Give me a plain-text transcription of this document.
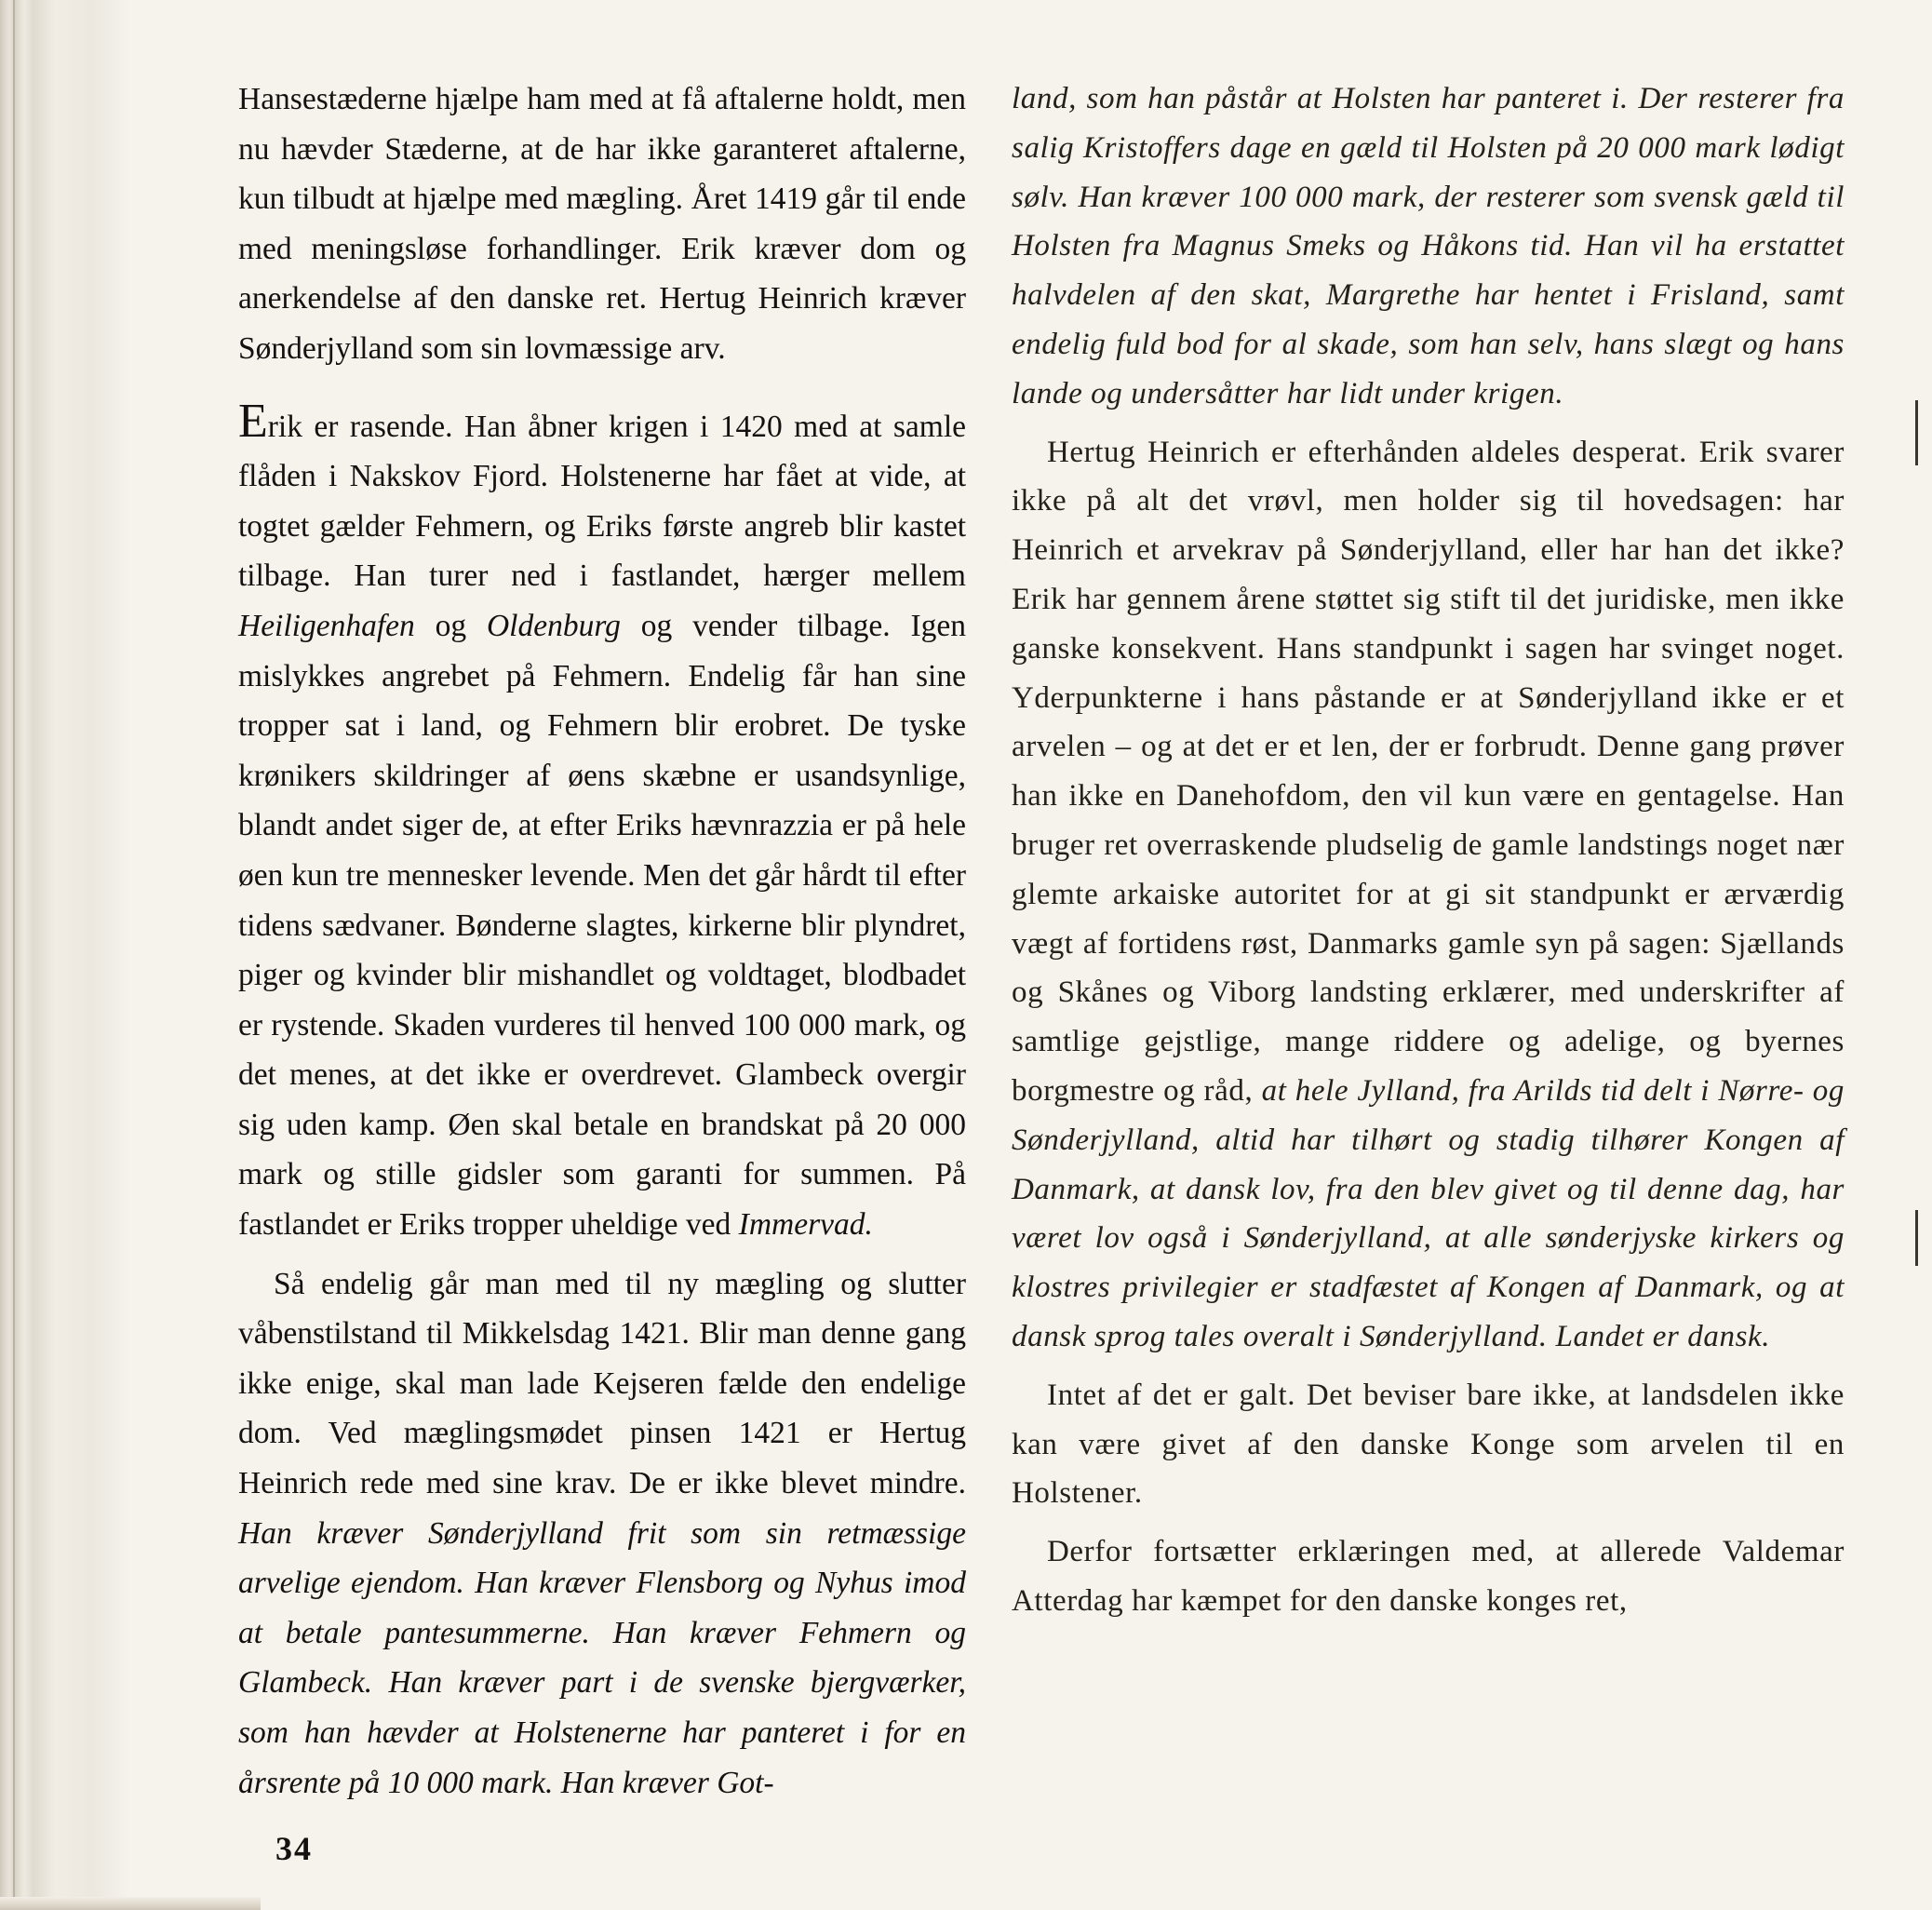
Hansestæderne hjælpe ham med at få aftalerne holdt, men nu hævder Stæderne, at de har ikke garanteret aftalerne, kun tilbudt at hjælpe med mægling. Året 1419 går til ende med meningsløse forhandlinger. Erik kræver dom og anerkendelse af den danske ret. Hertug Heinrich kræver Sønderjylland som sin lovmæssige arv.

Erik er rasende. Han åbner krigen i 1420 med at samle flåden i Nakskov Fjord. Holstenerne har fået at vide, at togtet gælder Fehmern, og Eriks første angreb blir kastet tilbage. Han turer ned i fastlandet, hærger mellem Heiligenhafen og Oldenburg og vender tilbage. Igen mislykkes angrebet på Fehmern. Endelig får han sine tropper sat i land, og Fehmern blir erobret. De tyske krønikers skildringer af øens skæbne er usandsynlige, blandt andet siger de, at efter Eriks hævnrazzia er på hele øen kun tre mennesker levende. Men det går hårdt til efter tidens sædvaner. Bønderne slagtes, kirkerne blir plyndret, piger og kvinder blir mishandlet og voldtaget, blodbadet er rystende. Skaden vurderes til henved 100 000 mark, og det menes, at det ikke er overdrevet. Glambeck overgir sig uden kamp. Øen skal betale en brandskat på 20 000 mark og stille gidsler som garanti for summen. På fastlandet er Eriks tropper uheldige ved Immervad.

Så endelig går man med til ny mægling og slutter våbenstilstand til Mikkelsdag 1421. Blir man denne gang ikke enige, skal man lade Kejseren fælde den endelige dom. Ved mæglingsmødet pinsen 1421 er Hertug Heinrich rede med sine krav. De er ikke blevet mindre. Han kræver Sønderjylland frit som sin retmæssige arvelige ejendom. Han kræver Flensborg og Nyhus imod at betale pantesummerne. Han kræver Fehmern og Glambeck. Han kræver part i de svenske bjergværker, som han hævder at Holstenerne har panteret i for en årsrente på 10 000 mark. Han kræver Got-

land, som han påstår at Holsten har panteret i. Der resterer fra salig Kristoffers dage en gæld til Holsten på 20 000 mark lødigt sølv. Han kræver 100 000 mark, der resterer som svensk gæld til Holsten fra Magnus Smeks og Håkons tid. Han vil ha erstattet halvdelen af den skat, Margrethe har hentet i Frisland, samt endelig fuld bod for al skade, som han selv, hans slægt og hans lande og undersåtter har lidt under krigen.

Hertug Heinrich er efterhånden aldeles desperat. Erik svarer ikke på alt det vrøvl, men holder sig til hovedsagen: har Heinrich et arvekrav på Sønderjylland, eller har han det ikke? Erik har gennem årene støttet sig stift til det juridiske, men ikke ganske konsekvent. Hans standpunkt i sagen har svinget noget. Yderpunkterne i hans påstande er at Sønderjylland ikke er et arvelen – og at det er et len, der er forbrudt. Denne gang prøver han ikke en Danehofdom, den vil kun være en gentagelse. Han bruger ret overraskende pludselig de gamle landstings noget nær glemte arkaiske autoritet for at gi sit standpunkt er ærværdig vægt af fortidens røst, Danmarks gamle syn på sagen: Sjællands og Skånes og Viborg landsting erklærer, med underskrifter af samtlige gejstlige, mange riddere og adelige, og byernes borgmestre og råd, at hele Jylland, fra Arilds tid delt i Nørre- og Sønderjylland, altid har tilhørt og stadig tilhører Kongen af Danmark, at dansk lov, fra den blev givet og til denne dag, har været lov også i Sønderjylland, at alle sønderjyske kirkers og klostres privilegier er stadfæstet af Kongen af Danmark, og at dansk sprog tales overalt i Sønderjylland. Landet er dansk.

Intet af det er galt. Det beviser bare ikke, at landsdelen ikke kan være givet af den danske Konge som arvelen til en Holstener.

Derfor fortsætter erklæringen med, at allerede Valdemar Atterdag har kæmpet for den danske konges ret,

34
